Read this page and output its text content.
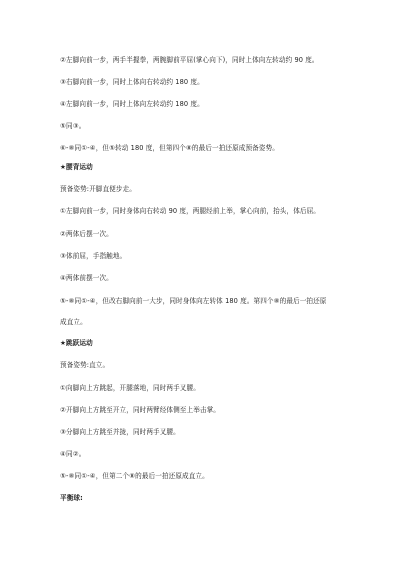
②左脚向前一步，两手半握拳，两腕脚前平屈(掌心向下)，同时上体向左转动约 90 度。
③右脚向前一步，同时上体向右转动约 180 度。
④左脚向前一步，同时上体向左转动约 180 度。
⑤同③。
⑥-⑧同①-④，但⑤转动 180 度，但第四个⑧的最后一拍还原成预备姿势。
★腰背运动
预备姿势:开脚直便步走。
①左脚向前一步，同时身体向右转动 90 度，两腿经前上举，掌心向前，抬头，体后屈。
②两体后摆一次。
③体前屈，手指触地。
④两体前摆一次。
⑤-⑧同①-④，但改右脚向前一大步，同时身体向左转体 180 度。第四个⑧的最后一拍还原
成直立。
★跳跃运动
预备姿势:直立。
①向脚向上方跳起，开腿落地，同时两手叉腰。
②开脚向上方跳至开立，同时两臂经体侧至上举击掌。
③分脚向上方跳至并拢，同时两手叉腰。
④同②。
⑤-⑧同①-④，但第二个⑧的最后一拍还原成直立。
平衡球:
